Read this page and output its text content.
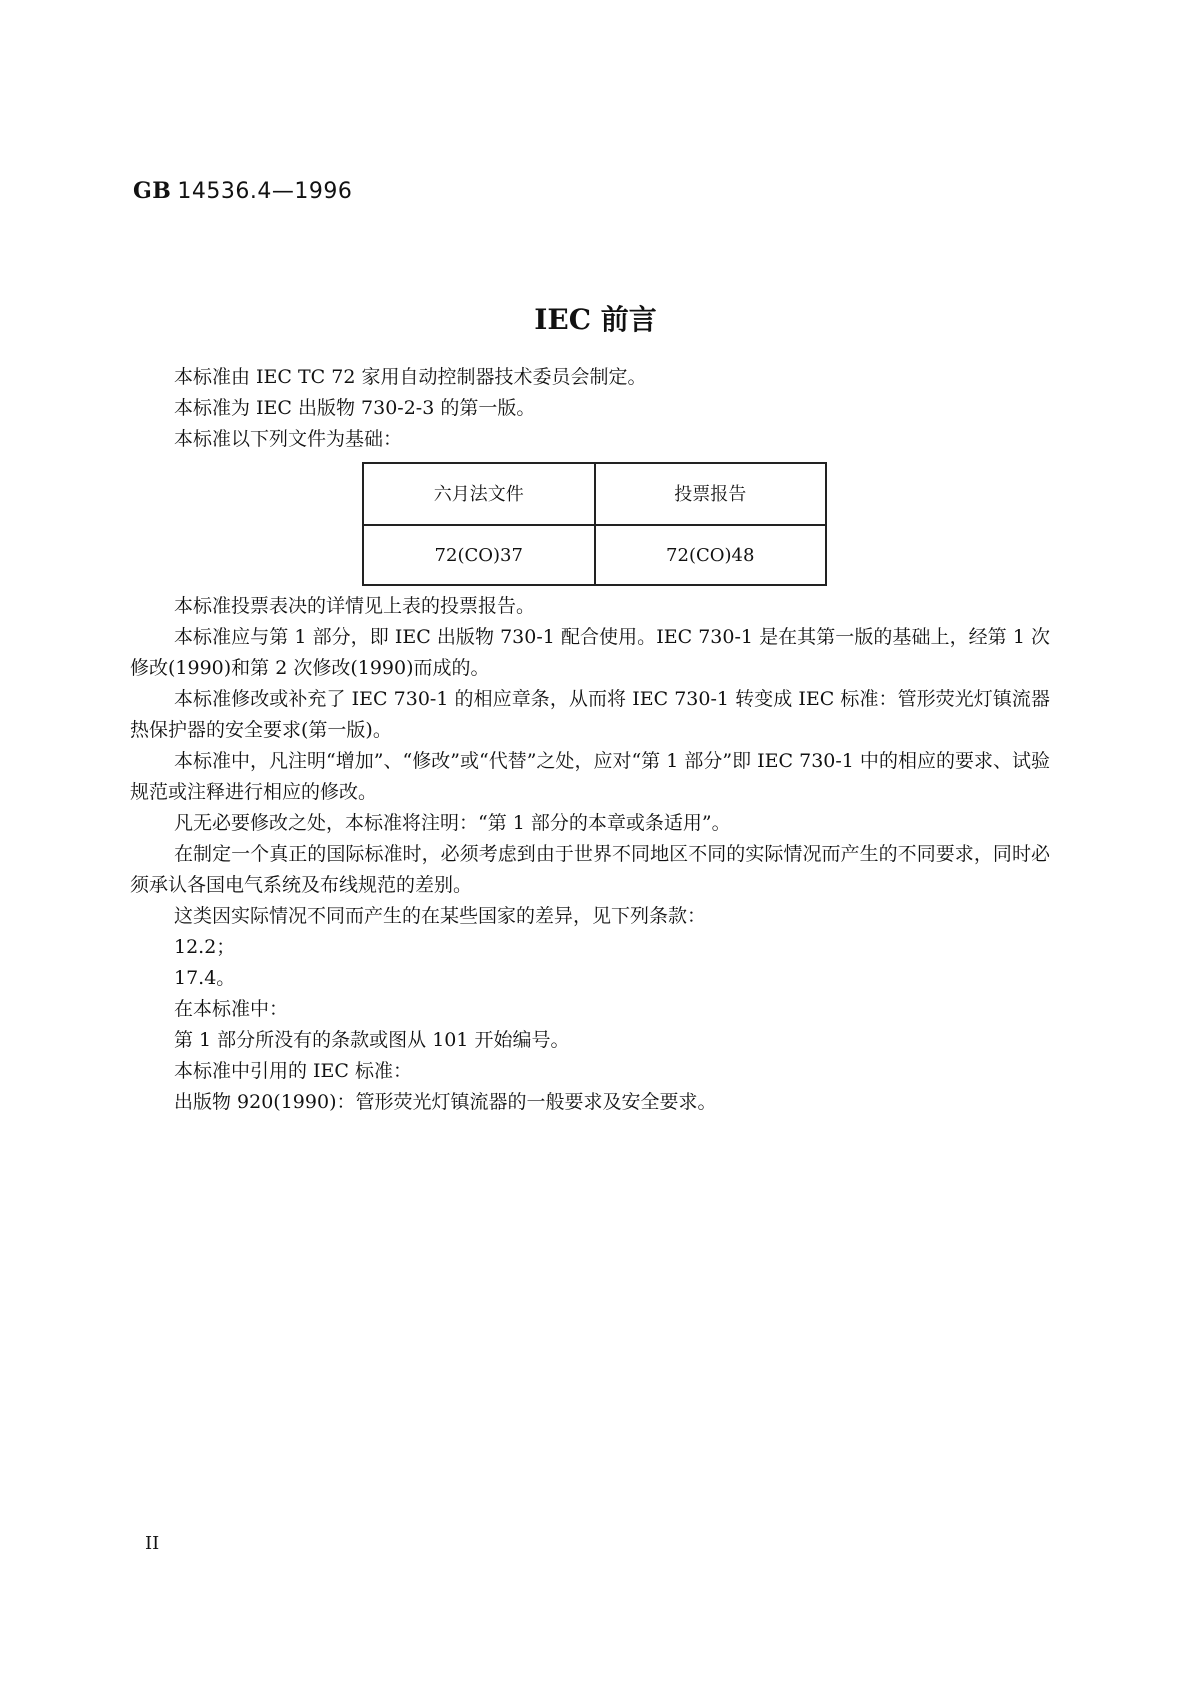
GB 14536.4—1996
IEC 前言

本标准由 IEC TC 72 家用自动控制器技术委员会制定。

本标准为 IEC 出版物 730-2-3 的第一版。

本标准以下列文件为基础：

六月法文件	投票报告
72(CO)37	72(CO)48

本标准投票表决的详情见上表的投票报告。

本标准应与第 1 部分，即 IEC 出版物 730-1 配合使用。IEC 730-1 是在其第一版的基础上，经第 1 次修改(1990)和第 2 次修改(1990)而成的。

本标准修改或补充了 IEC 730-1 的相应章条，从而将 IEC 730-1 转变成 IEC 标准：管形荧光灯镇流器热保护器的安全要求(第一版)。

本标准中，凡注明“增加”、“修改”或“代替”之处，应对“第 1 部分”即 IEC 730-1 中的相应的要求、试验规范或注释进行相应的修改。

凡无必要修改之处，本标准将注明：“第 1 部分的本章或条适用”。

在制定一个真正的国际标准时，必须考虑到由于世界不同地区不同的实际情况而产生的不同要求，同时必须承认各国电气系统及布线规范的差别。

这类因实际情况不同而产生的在某些国家的差异，见下列条款：

12.2；

17.4。

在本标准中：

第 1 部分所没有的条款或图从 101 开始编号。

本标准中引用的 IEC 标准：

出版物 920(1990)：管形荧光灯镇流器的一般要求及安全要求。

II
